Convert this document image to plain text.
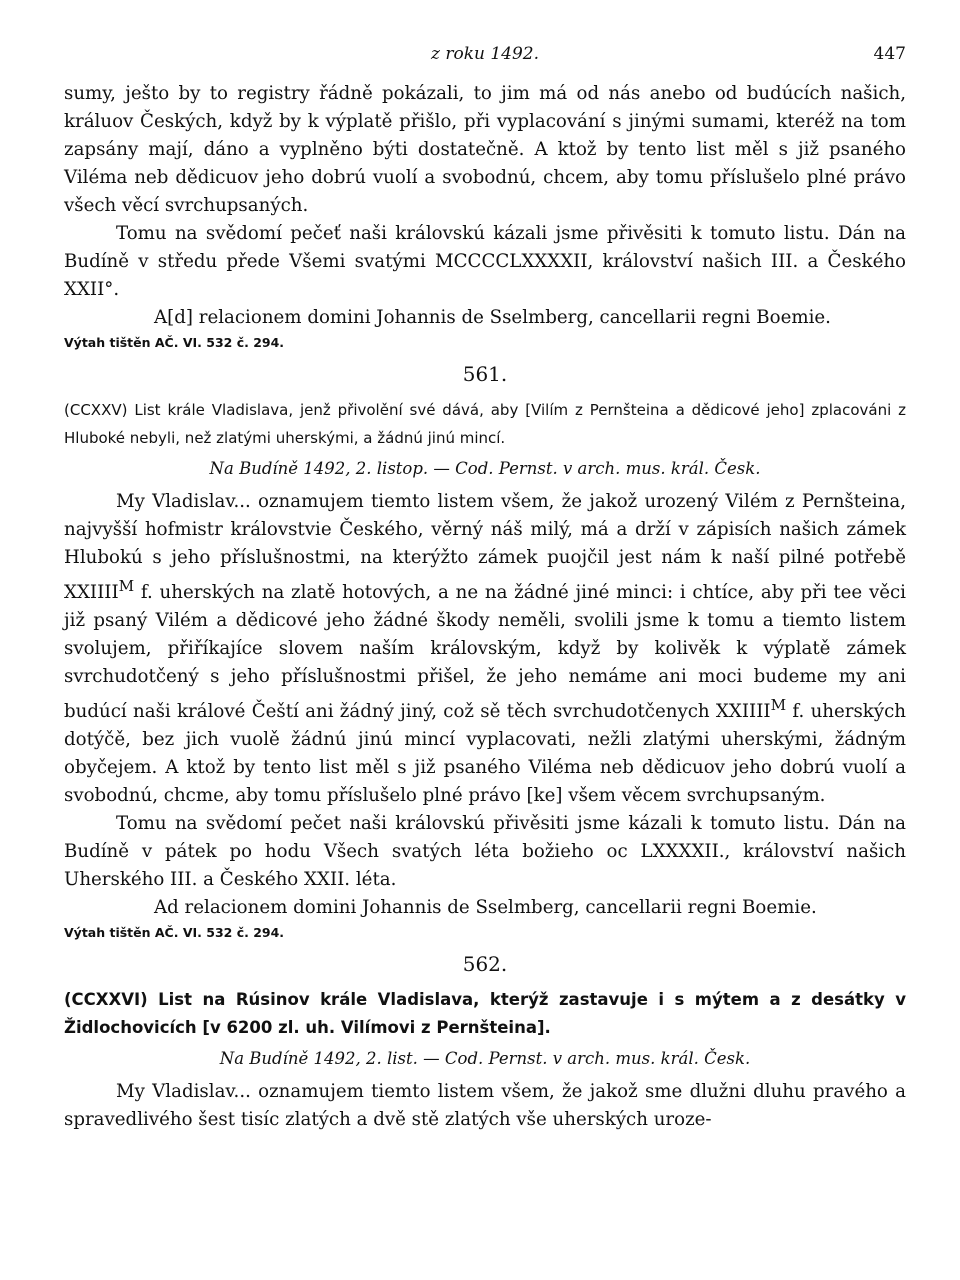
z roku 1492.	447

sumy, ješto by to registry řádně pokázali, to jim má od nás anebo od budúcích našich, králuov Českých, když by k výplatě přišlo, při vyplacování s jinými sumami, kteréž na tom zapsány mají, dáno a vyplněno býti dostatečně. A ktož by tento list měl s již psaného Viléma neb dědicuov jeho dobrú vuolí a svobodnú, chcem, aby tomu příslušelo plné právo všech věcí svrchupsaných.

Tomu na svědomí pečeť naši královskú kázali jsme přivěsiti k tomuto listu. Dán na Budíně v středu přede Všemi svatými MCCCCLXXXXII, království našich III. a Českého XXII°.

A[d] relacionem domini Johannis de Sselmberg, cancellarii regni Boemie.

Výtah tištěn AČ. VI. 532 č. 294.

561.

(CCXXV) List krále Vladislava, jenž přivolění své dává, aby [Vilím z Pernšteina a dědicové jeho] zplacováni z Hluboké nebyli, než zlatými uherskými, a žádnú jinú mincí.

Na Budíně 1492, 2. listop. — Cod. Pernst. v arch. mus. král. Česk.

My Vladislav... oznamujem tiemto listem všem, že jakož urozený Vilém z Pernšteina, najvyšší hofmistr královstvie Českého, věrný náš milý, má a drží v zápisích našich zámek Hlubokú s jeho příslušnostmi, na kterýžto zámek puojčil jest nám k naší pilné potřebě $XXIIII^M$ f. uherských na zlatě hotových, a ne na žádné jiné minci: i chtíce, aby při tee věci již psaný Vilém a dědicové jeho žádné škody neměli, svolili jsme k tomu a tiemto listem svolujem, přiříkajíce slovem naším královským, když by kolivěk k výplatě zámek svrchudotčený s jeho příslušnostmi přišel, že jeho nemáme ani moci budeme my ani budúcí naši králové Čeští ani žádný jiný, což sě těch svrchudotčenych $XXIIII^M$ f. uherských dotýčě, bez jich vuolě žádnú jinú mincí vyplacovati, nežli zlatými uherskými, žádným obyčejem. A ktož by tento list měl s již psaného Viléma neb dědicuov jeho dobrú vuolí a svobodnú, chcme, aby tomu příslušelo plné právo [ke] všem věcem svrchupsaným.

Tomu na svědomí pečet naši královskú přivěsiti jsme kázali k tomuto listu. Dán na Budíně v pátek po hodu Všech svatých léta božieho oc LXXXXII., království našich Uherského III. a Českého XXII. léta.

Ad relacionem domini Johannis de Sselmberg, cancellarii regni Boemie.

Výtah tištěn AČ. VI. 532 č. 294.

562.

(CCXXVI) List na Rúsinov krále Vladislava, kterýž zastavuje i s mýtem a z desátky v Židlochovicích [v 6200 zl. uh. Vilímovi z Pernšteina].

Na Budíně 1492, 2. list. — Cod. Pernst. v arch. mus. král. Česk.

My Vladislav... oznamujem tiemto listem všem, že jakož sme dlužni dluhu pravého a spravedlivého šest tisíc zlatých a dvě stě zlatých vše uherských uroze-
